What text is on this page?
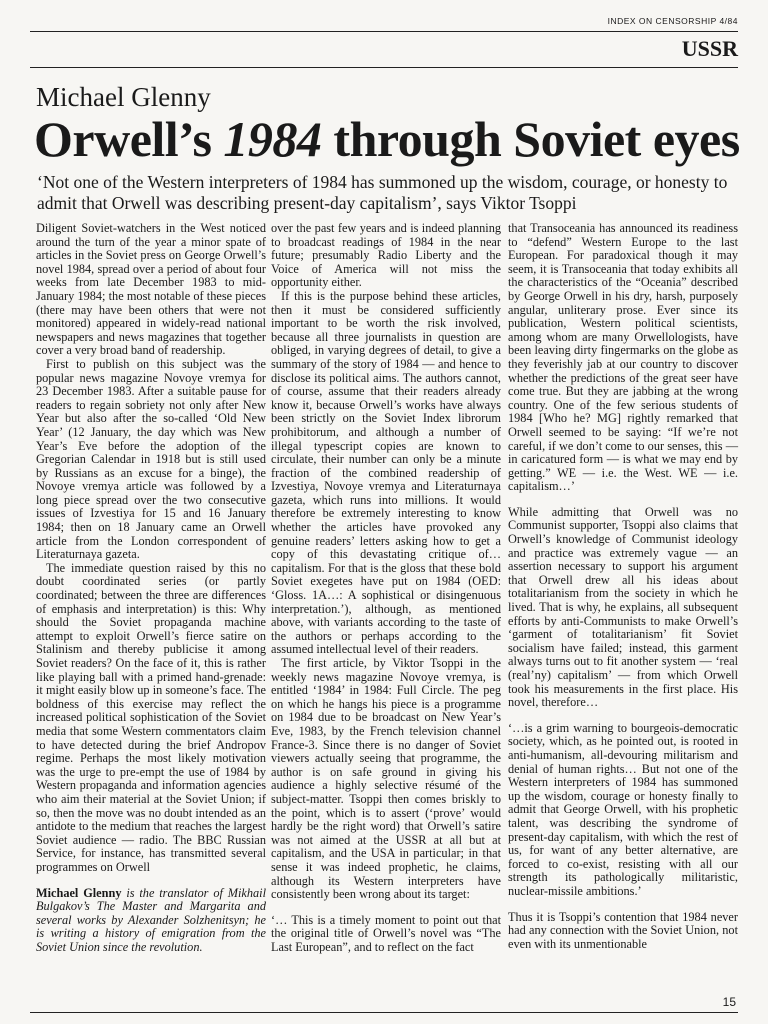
INDEX ON CENSORSHIP 4/84
USSR
Michael Glenny
Orwell’s 1984 through Soviet eyes
‘Not one of the Western interpreters of 1984 has summoned up the wisdom, courage, or honesty to admit that Orwell was describing present-day capitalism’, says Viktor Tsoppi

Diligent Soviet-watchers in the West noticed around the turn of the year a minor spate of articles in the Soviet press on George Orwell’s novel 1984, spread over a period of about four weeks from late December 1983 to mid-January 1984; the most notable of these pieces (there may have been others that were not monitored) appeared in widely-read national newspapers and news magazines that together cover a very broad band of readership.

First to publish on this subject was the popular news magazine Novoye vremya for 23 December 1983. After a suitable pause for readers to regain sobriety not only after New Year but also after the so-called ‘Old New Year’ (12 January, the day which was New Year’s Eve before the adoption of the Gregorian Calendar in 1918 but is still used by Russians as an excuse for a binge), the Novoye vremya article was followed by a long piece spread over the two consecutive issues of Izvestiya for 15 and 16 January 1984; then on 18 January came an Orwell article from the London correspondent of Literaturnaya gazeta.

The immediate question raised by this no doubt coordinated series (or partly coordinated; between the three are differences of emphasis and interpretation) is this: Why should the Soviet propaganda machine attempt to exploit Orwell’s fierce satire on Stalinism and thereby publicise it among Soviet readers? On the face of it, this is rather like playing ball with a primed hand-grenade: it might easily blow up in someone’s face. The boldness of this exercise may reflect the increased political sophistication of the Soviet media that some Western commentators claim to have detected during the brief Andropov regime. Perhaps the most likely motivation was the urge to pre-empt the use of 1984 by Western propaganda and information agencies who aim their material at the Soviet Union; if so, then the move was no doubt intended as an antidote to the medium that reaches the largest Soviet audience — radio. The BBC Russian Service, for instance, has transmitted several programmes on Orwell

Michael Glenny is the translator of Mikhail Bulgakov’s The Master and Margarita and several works by Alexander Solzhenitsyn; he is writing a history of emigration from the Soviet Union since the revolution.

over the past few years and is indeed planning to broadcast readings of 1984 in the near future; presumably Radio Liberty and the Voice of America will not miss the opportunity either.

If this is the purpose behind these articles, then it must be considered sufficiently important to be worth the risk involved, because all three journalists in question are obliged, in varying degrees of detail, to give a summary of the story of 1984 — and hence to disclose its political aims. The authors cannot, of course, assume that their readers already know it, because Orwell’s works have always been strictly on the Soviet Index librorum prohibitorum, and although a number of illegal typescript copies are known to circulate, their number can only be a minute fraction of the combined readership of Izvestiya, Novoye vremya and Literaturnaya gazeta, which runs into millions. It would therefore be extremely interesting to know whether the articles have provoked any genuine readers’ letters asking how to get a copy of this devastating critique of… capitalism. For that is the gloss that these bold Soviet exegetes have put on 1984 (OED: ‘Gloss. 1A…: A sophistical or disingenuous interpretation.’), although, as mentioned above, with variants according to the taste of the authors or perhaps according to the assumed intellectual level of their readers.

The first article, by Viktor Tsoppi in the weekly news magazine Novoye vremya, is entitled ‘1984’ in 1984: Full Circle. The peg on which he hangs his piece is a programme on 1984 due to be broadcast on New Year’s Eve, 1983, by the French television channel France-3. Since there is no danger of Soviet viewers actually seeing that programme, the author is on safe ground in giving his audience a highly selective résumé of the subject-matter. Tsoppi then comes briskly to the point, which is to assert (‘prove’ would hardly be the right word) that Orwell’s satire was not aimed at the USSR at all but at capitalism, and the USA in particular; in that sense it was indeed prophetic, he claims, although its Western interpreters have consistently been wrong about its target:

‘… This is a timely moment to point out that the original title of Orwell’s novel was “The Last European”, and to reflect on the fact

that Transoceania has announced its readiness to “defend” Western Europe to the last European. For paradoxical though it may seem, it is Transoceania that today exhibits all the characteristics of the “Oceania” described by George Orwell in his dry, harsh, purposely angular, unliterary prose. Ever since its publication, Western political scientists, among whom are many Orwellologists, have been leaving dirty fingermarks on the globe as they feverishly jab at our country to discover whether the predictions of the great seer have come true. But they are jabbing at the wrong country. One of the few serious students of 1984 [Who he? MG] rightly remarked that Orwell seemed to be saying: “If we’re not careful, if we don’t come to our senses, this — in caricatured form — is what we may end by getting.” WE — i.e. the West. WE — i.e. capitalism…’

While admitting that Orwell was no Communist supporter, Tsoppi also claims that Orwell’s knowledge of Communist ideology and practice was extremely vague — an assertion necessary to support his argument that Orwell drew all his ideas about totalitarianism from the society in which he lived. That is why, he explains, all subsequent efforts by anti-Communists to make Orwell’s ‘garment of totalitarianism’ fit Soviet socialism have failed; instead, this garment always turns out to fit another system — ‘real (real’ny) capitalism’ — from which Orwell took his measurements in the first place. His novel, therefore…

‘…is a grim warning to bourgeois-democratic society, which, as he pointed out, is rooted in anti-humanism, all-devouring militarism and denial of human rights… But not one of the Western interpreters of 1984 has summoned up the wisdom, courage or honesty finally to admit that George Orwell, with his prophetic talent, was describing the syndrome of present-day capitalism, with which the rest of us, for want of any better alternative, are forced to co-exist, resisting with all our strength its pathologically militaristic, nuclear-missile ambitions.’

Thus it is Tsoppi’s contention that 1984 never had any connection with the Soviet Union, not even with its unmentionable

15
